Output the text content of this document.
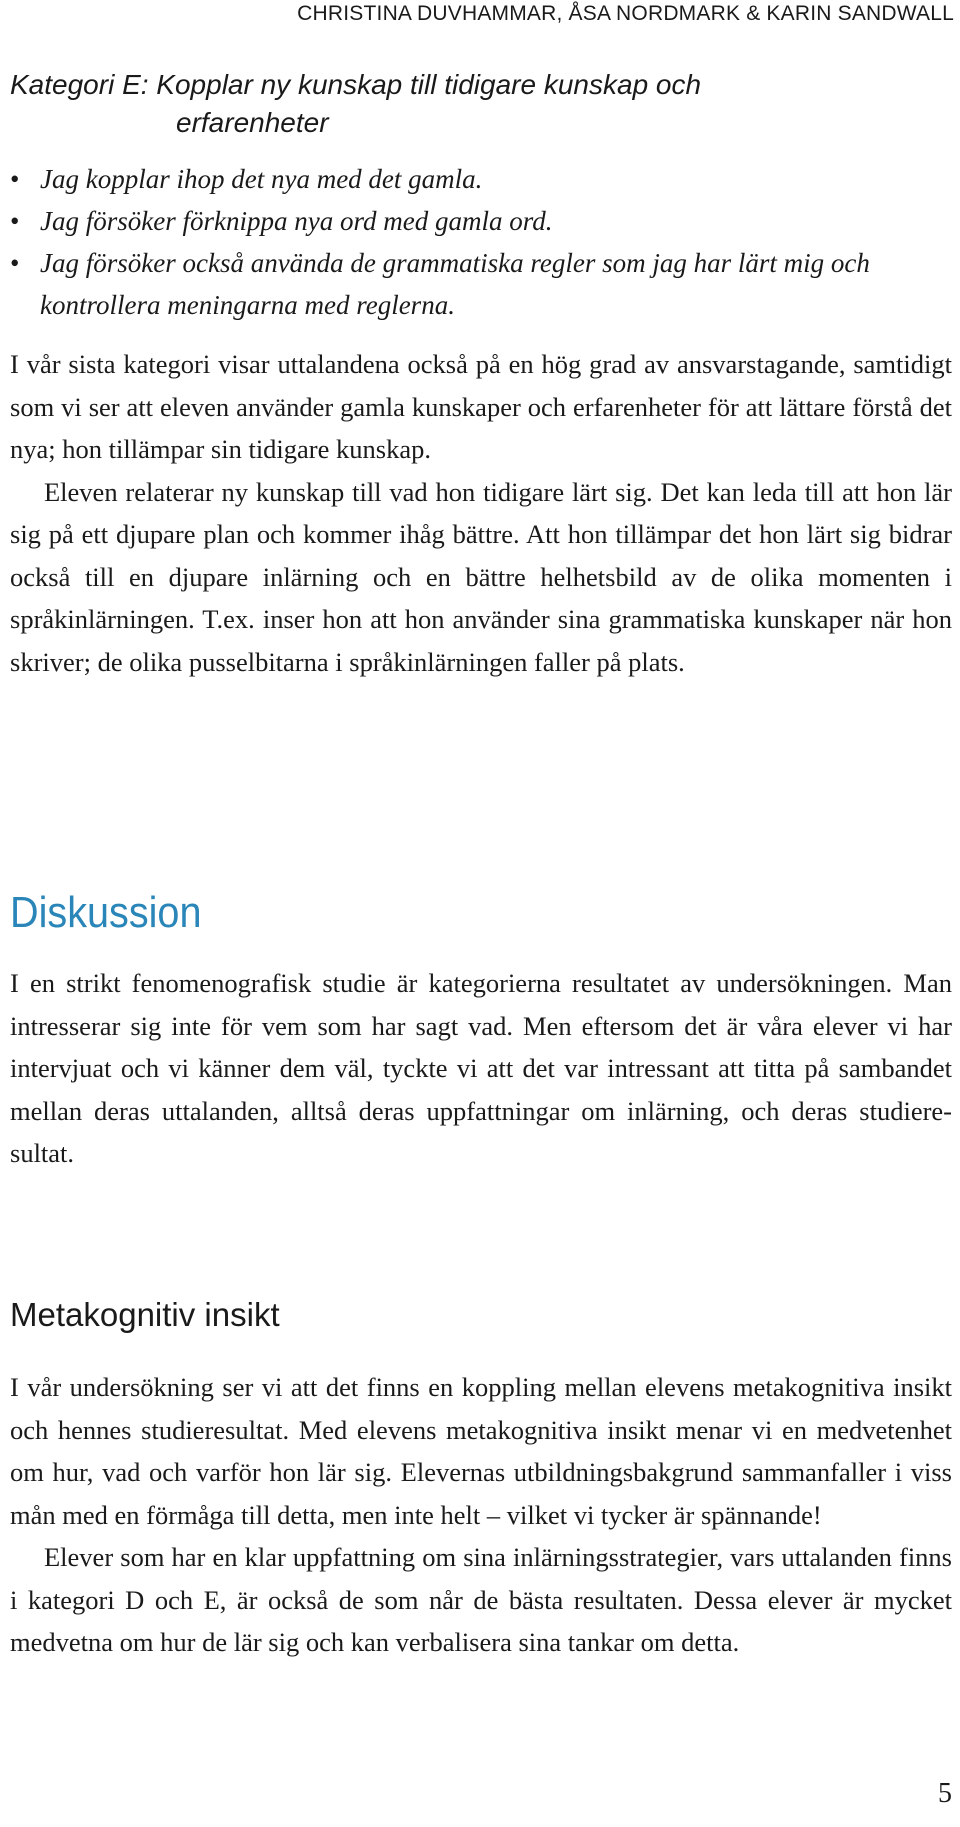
CHRISTINA DUVHAMMAR, ÅSA NORDMARK & KARIN SANDWALL
Kategori E: Kopplar ny kunskap till tidigare kunskap och
erfarenheter
• Jag kopplar ihop det nya med det gamla.
• Jag försöker förknippa nya ord med gamla ord.
• Jag försöker också använda de grammatiska regler som jag har lärt mig och kontrollera meningarna med reglerna.

I vår sista kategori visar uttalandena också på en hög grad av ansvarstagande, samtidigt som vi ser att eleven använder gamla kunskaper och erfarenheter för att lättare förstå det nya; hon tillämpar sin tidigare kunskap.

Eleven relaterar ny kunskap till vad hon tidigare lärt sig. Det kan leda till att hon lär sig på ett djupare plan och kommer ihåg bättre. Att hon tillämpar det hon lärt sig bidrar också till en djupare inlärning och en bättre helhetsbild av de olika momenten i språkinlärningen. T.ex. inser hon att hon använder sina grammatiska kunskaper när hon skriver; de olika pusselbitarna i språkinlärningen faller på plats.

Diskussion

I en strikt fenomenografisk studie är kategorierna resultatet av undersökningen. Man intresserar sig inte för vem som har sagt vad. Men eftersom det är våra elever vi har intervjuat och vi känner dem väl, tyckte vi att det var intressant att titta på sambandet mellan deras uttalanden, alltså deras uppfattningar om inlärning, och deras studieresultat.

Metakognitiv insikt

I vår undersökning ser vi att det finns en koppling mellan elevens metakognitiva insikt och hennes studieresultat. Med elevens metakognitiva insikt menar vi en medvetenhet om hur, vad och varför hon lär sig. Elevernas utbildningsbakgrund sammanfaller i viss mån med en förmåga till detta, men inte helt – vilket vi tycker är spännande!

Elever som har en klar uppfattning om sina inlärningsstrategier, vars uttalanden finns i kategori D och E, är också de som når de bästa resultaten. Dessa elever är mycket medvetna om hur de lär sig och kan verbalisera sina tankar om detta.

5
